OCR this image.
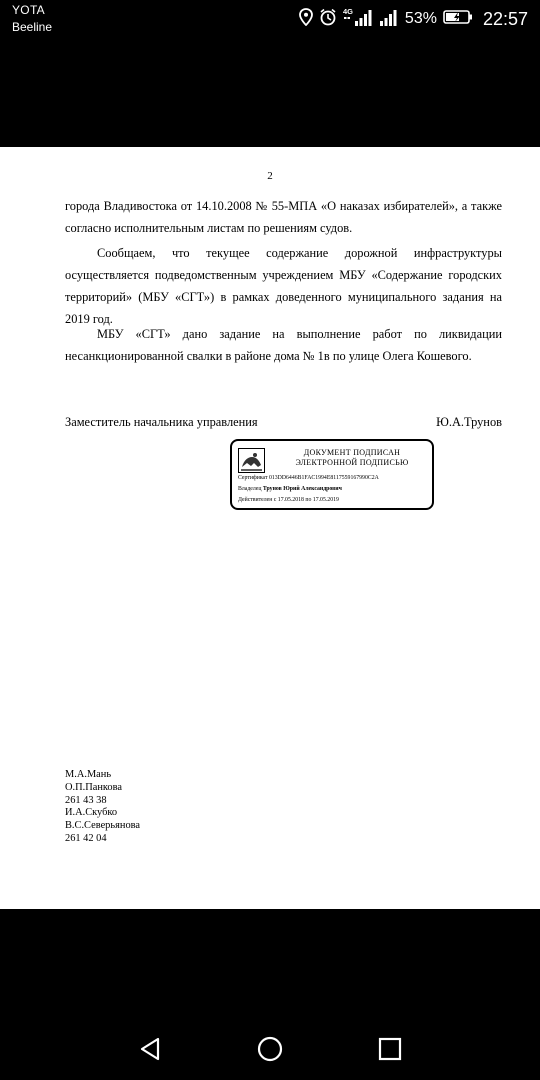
YOTA
Beeline
4G	53%	22:57
2

города Владивостока от 14.10.2008 № 55-МПА «О наказах избирателей», а также согласно исполнительным листам по решениям судов.

Сообщаем, что текущее содержание дорожной инфраструктуры осуществляется подведомственным учреждением МБУ «Содержание городских территорий» (МБУ «СГТ») в рамках доведенного муниципального задания на 2019 год.

МБУ «СГТ» дано задание на выполнение работ по ликвидации несанкционированной свалки в районе дома № 1в по улице Олега Кошевого.

Заместитель начальника управления	Ю.А.Трунов
ДОКУМЕНТ ПОДПИСАН
ЭЛЕКТРОННОЙ ПОДПИСЬЮ
Сертификат 013DD6446B1FAC1994E8117559167990C2A
Владелец Трунов Юрий Александрович
Действителен с 17.05.2018 по 17.05.2019
М.А.Мань
О.П.Панкова
261 43 38
И.А.Скубко
В.С.Северьянова
261 42 04
